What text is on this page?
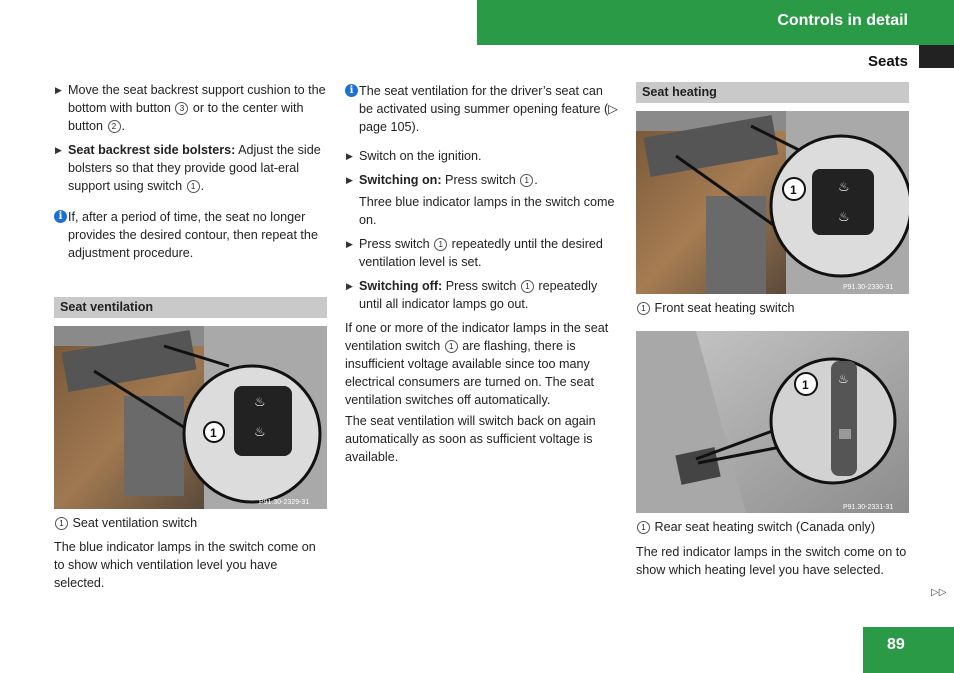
Controls in detail
Seats

▶ Move the seat backrest support cushion to the bottom with button 3 or to the center with button 2 .

▶ Seat backrest side bolsters: Adjust the side bolsters so that they provide good lat-eral support using switch 1 .

i If, after a period of time, the seat no longer provides the desired contour, then repeat the adjustment procedure.

Seat ventilation
♨
♨
1
P91.30-2329-31

1 Seat ventilation switch

The blue indicator lamps in the switch come on to show which ventilation level you have selected.

i The seat ventilation for the driver’s seat can be activated using summer opening feature (▷ page 105).

▶ Switch on the ignition.

▶ Switching on: Press switch 1 .

Three blue indicator lamps in the switch come on.

▶ Press switch 1 repeatedly until the desired ventilation level is set.

▶ Switching off: Press switch 1 repeatedly until all indicator lamps go out.

If one or more of the indicator lamps in the seat ventilation switch 1 are flashing, there is insufficient voltage available since too many electrical consumers are turned on. The seat ventilation switches off automatically.

The seat ventilation will switch back on again automatically as soon as sufficient voltage is available.

Seat heating
♨
♨
1
P91.30-2330-31

1 Front seat heating switch

♨
1
P91.30-2331-31

1 Rear seat heating switch (Canada only)

The red indicator lamps in the switch come on to show which heating level you have selected.

▷▷
89
